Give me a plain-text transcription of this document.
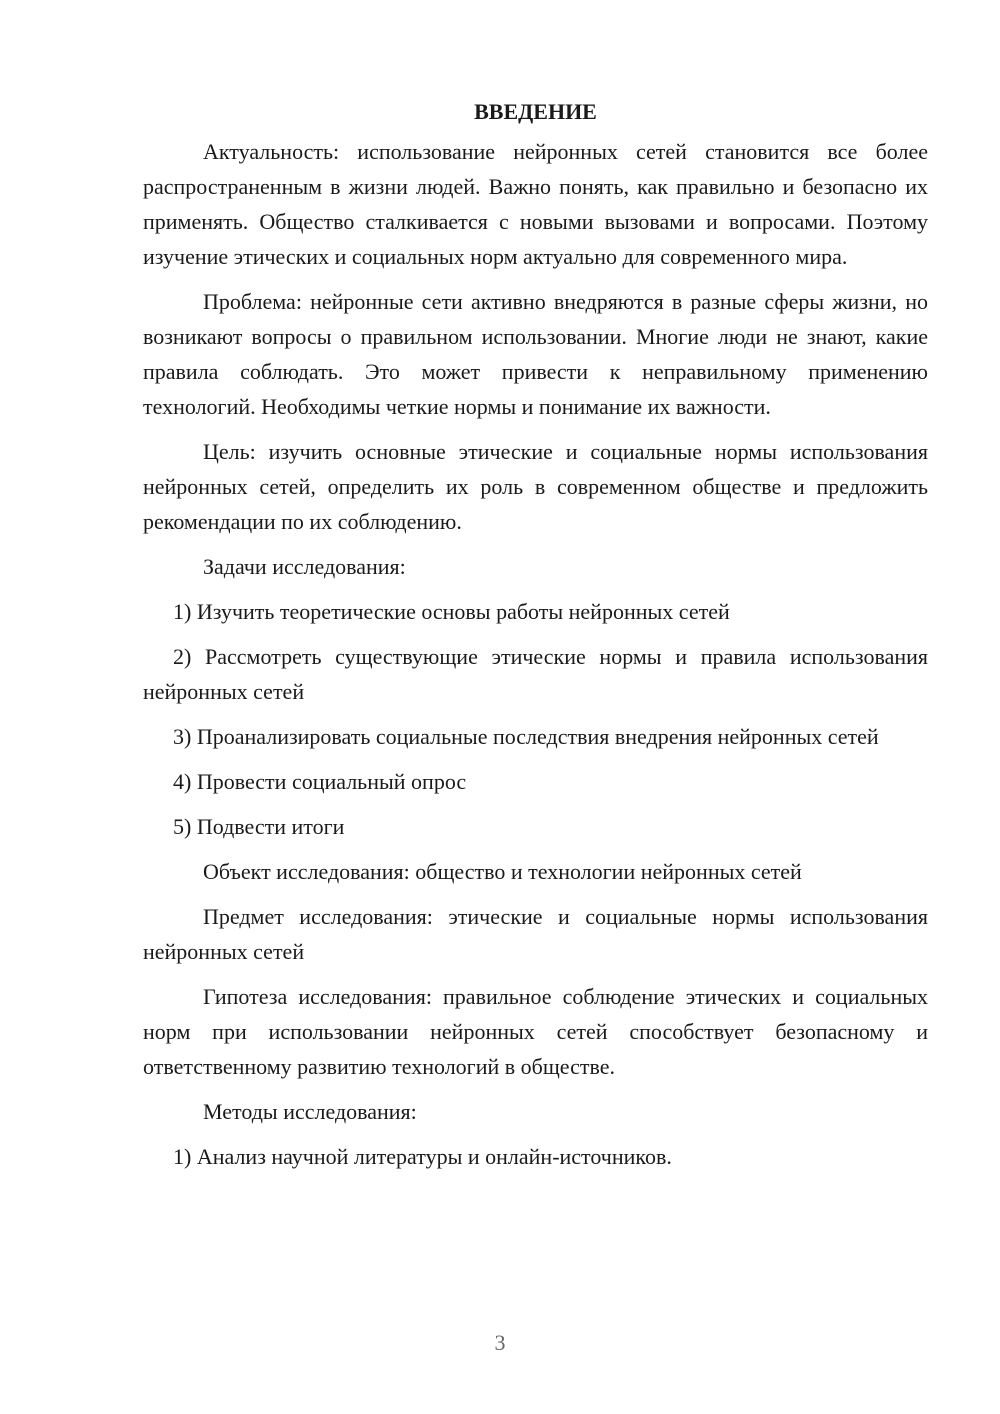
ВВЕДЕНИЕ

Актуальность: использование нейронных сетей становится все более распространенным в жизни людей. Важно понять, как правильно и безопасно их применять. Общество сталкивается с новыми вызовами и вопросами. Поэтому изучение этических и социальных норм актуально для современного мира.

Проблема: нейронные сети активно внедряются в разные сферы жизни, но возникают вопросы о правильном использовании. Многие люди не знают, какие правила соблюдать. Это может привести к неправильному применению технологий. Необходимы четкие нормы и понимание их важности.

Цель: изучить основные этические и социальные нормы использования нейронных сетей, определить их роль в современном обществе и предложить рекомендации по их соблюдению.

Задачи исследования:

1) Изучить теоретические основы работы нейронных сетей

2) Рассмотреть существующие этические нормы и правила использования нейронных сетей

3) Проанализировать социальные последствия внедрения нейронных сетей

4) Провести социальный опрос

5) Подвести итоги

Объект исследования: общество и технологии нейронных сетей

Предмет исследования: этические и социальные нормы использования нейронных сетей

Гипотеза исследования: правильное соблюдение этических и социальных норм при использовании нейронных сетей способствует безопасному и ответственному развитию технологий в обществе.

Методы исследования:

1) Анализ научной литературы и онлайн-источников.

3
